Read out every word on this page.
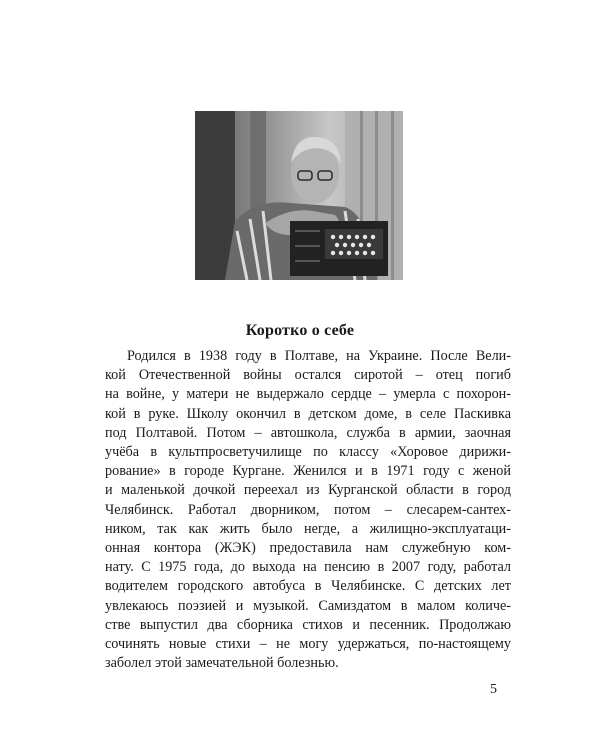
Коротко о себе
Родился в 1938 году в Полтаве, на Украине. После Вели-
кой Отечественной войны остался сиротой – отец погиб
на войне, у матери не выдержало сердце – умерла с похорон-
кой в руке. Школу окончил в детском доме, в селе Паскивка
под Полтавой. Потом – автошкола, служба в армии, заочная
учёба в культпросветучилище по классу «Хоровое дирижи-
рование» в городе Кургане. Женился и в 1971 году с женой
и маленькой дочкой переехал из Курганской области в город
Челябинск. Работал дворником, потом – слесарем-сантех-
ником, так как жить было негде, а жилищно-эксплуатаци-
онная контора (ЖЭК) предоставила нам служебную ком-
нату. С 1975 года, до выхода на пенсию в 2007 году, работал
водителем городского автобуса в Челябинске. С детских лет
увлекаюсь поэзией и музыкой. Самиздатом в малом количе-
стве выпустил два сборника стихов и песенник. Продолжаю
сочинять новые стихи – не могу удержаться, по-настоящему
заболел этой замечательной болезнью.
5
